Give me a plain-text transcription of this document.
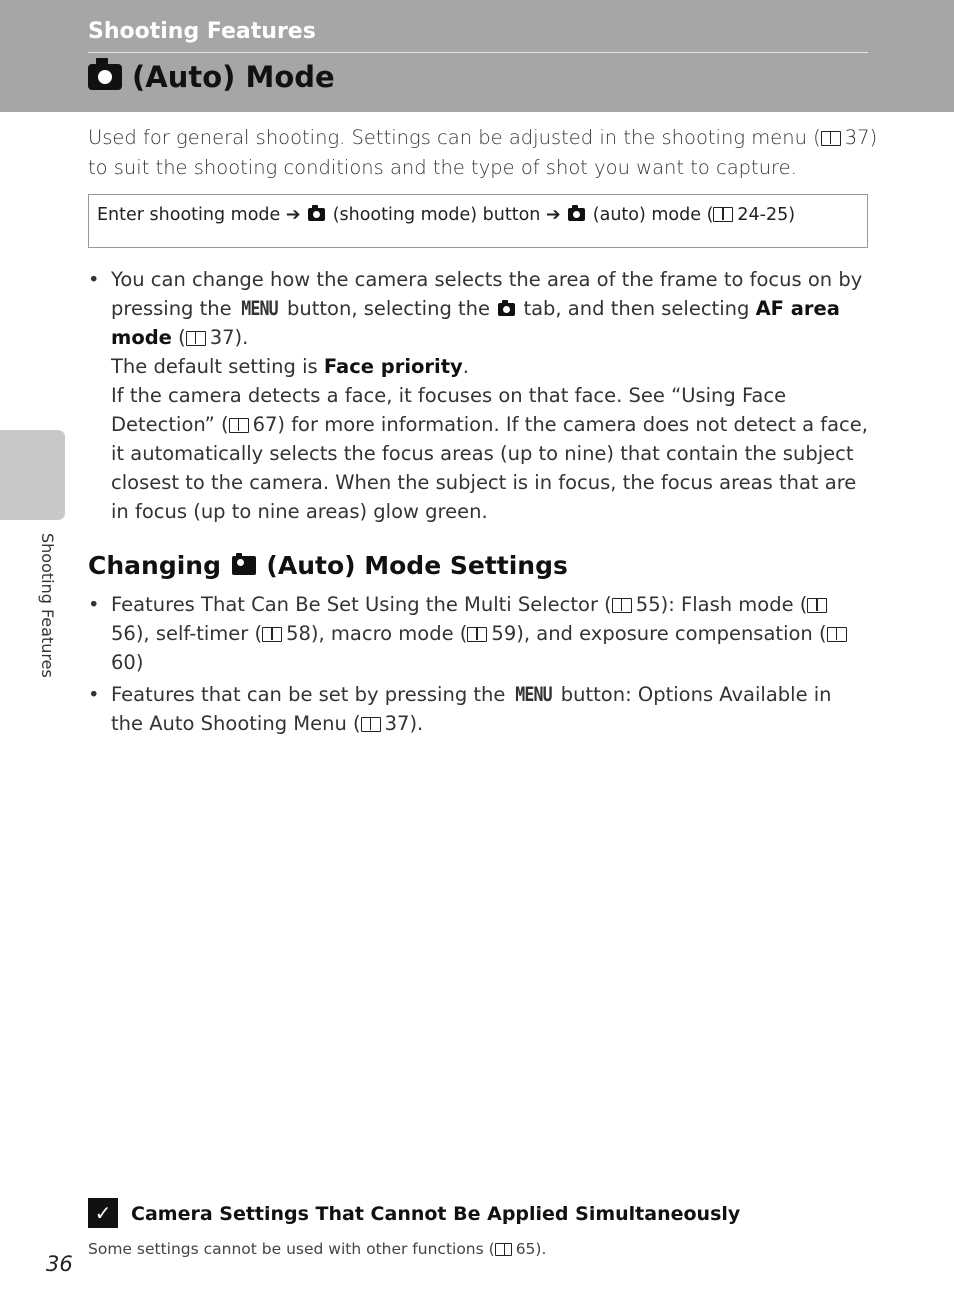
Shooting Features
(Auto) Mode

Used for general shooting. Settings can be adjusted in the shooting menu ( 37) to suit the shooting conditions and the type of shot you want to capture.

Enter shooting mode ➔ (shooting mode) button ➔ (auto) mode ( 24-25)
• You can change how the camera selects the area of the frame to focus on by pressing the MENU button, selecting the tab, and then selecting AF area mode ( 37).
The default setting is Face priority.
If the camera detects a face, it focuses on that face. See “Using Face Detection” ( 67) for more information. If the camera does not detect a face, it automatically selects the focus areas (up to nine) that contain the subject closest to the camera. When the subject is in focus, the focus areas that are in focus (up to nine areas) glow green.
Changing (Auto) Mode Settings
• Features That Can Be Set Using the Multi Selector ( 55): Flash mode (56), self-timer ( 58), macro mode ( 59), and exposure compensation (60)
• Features that can be set by pressing the MENU button: Options Available in the Auto Shooting Menu ( 37).
Shooting Features
✓	Camera Settings That Cannot Be Applied Simultaneously
Some settings cannot be used with other functions ( 65).
36
